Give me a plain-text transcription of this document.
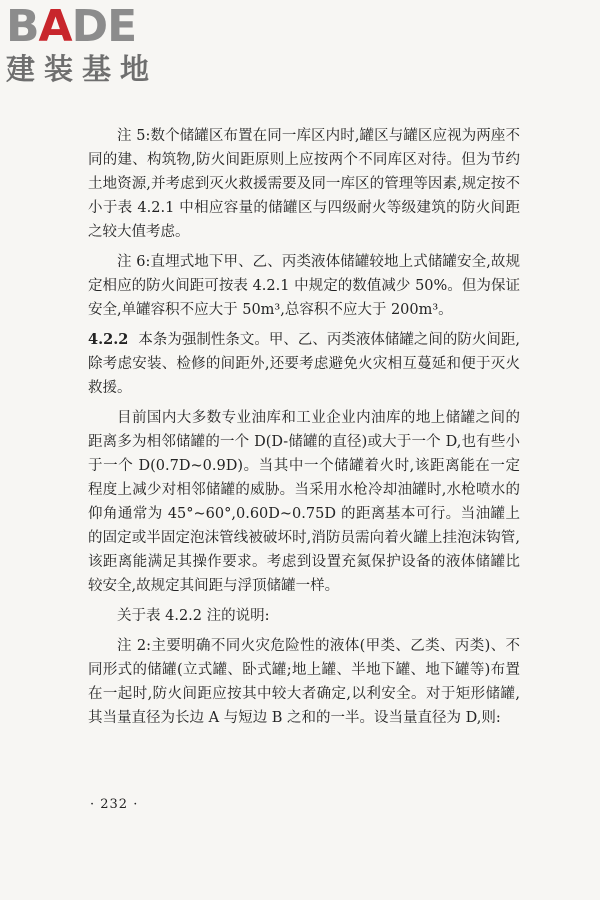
BADE
建装基地

注 5:数个储罐区布置在同一库区内时,罐区与罐区应视为两座不同的建、构筑物,防火间距原则上应按两个不同库区对待。但为节约土地资源,并考虑到灭火救援需要及同一库区的管理等因素,规定按不小于表 4.2.1 中相应容量的储罐区与四级耐火等级建筑的防火间距之较大值考虑。

注 6:直埋式地下甲、乙、丙类液体储罐较地上式储罐安全,故规定相应的防火间距可按表 4.2.1 中规定的数值减少 50%。但为保证安全,单罐容积不应大于 50m³,总容积不应大于 200m³。

4.2.2 本条为强制性条文。甲、乙、丙类液体储罐之间的防火间距,除考虑安装、检修的间距外,还要考虑避免火灾相互蔓延和便于灭火救援。

目前国内大多数专业油库和工业企业内油库的地上储罐之间的距离多为相邻储罐的一个 D(D-储罐的直径)或大于一个 D,也有些小于一个 D(0.7D~0.9D)。当其中一个储罐着火时,该距离能在一定程度上减少对相邻储罐的威胁。当采用水枪冷却油罐时,水枪喷水的仰角通常为 45°~60°,0.60D~0.75D 的距离基本可行。当油罐上的固定或半固定泡沫管线被破坏时,消防员需向着火罐上挂泡沫钩管,该距离能满足其操作要求。考虑到设置充氮保护设备的液体储罐比较安全,故规定其间距与浮顶储罐一样。

关于表 4.2.2 注的说明:

注 2:主要明确不同火灾危险性的液体(甲类、乙类、丙类)、不同形式的储罐(立式罐、卧式罐;地上罐、半地下罐、地下罐等)布置在一起时,防火间距应按其中较大者确定,以利安全。对于矩形储罐,其当量直径为长边 A 与短边 B 之和的一半。设当量直径为 D,则:

· 232 ·
